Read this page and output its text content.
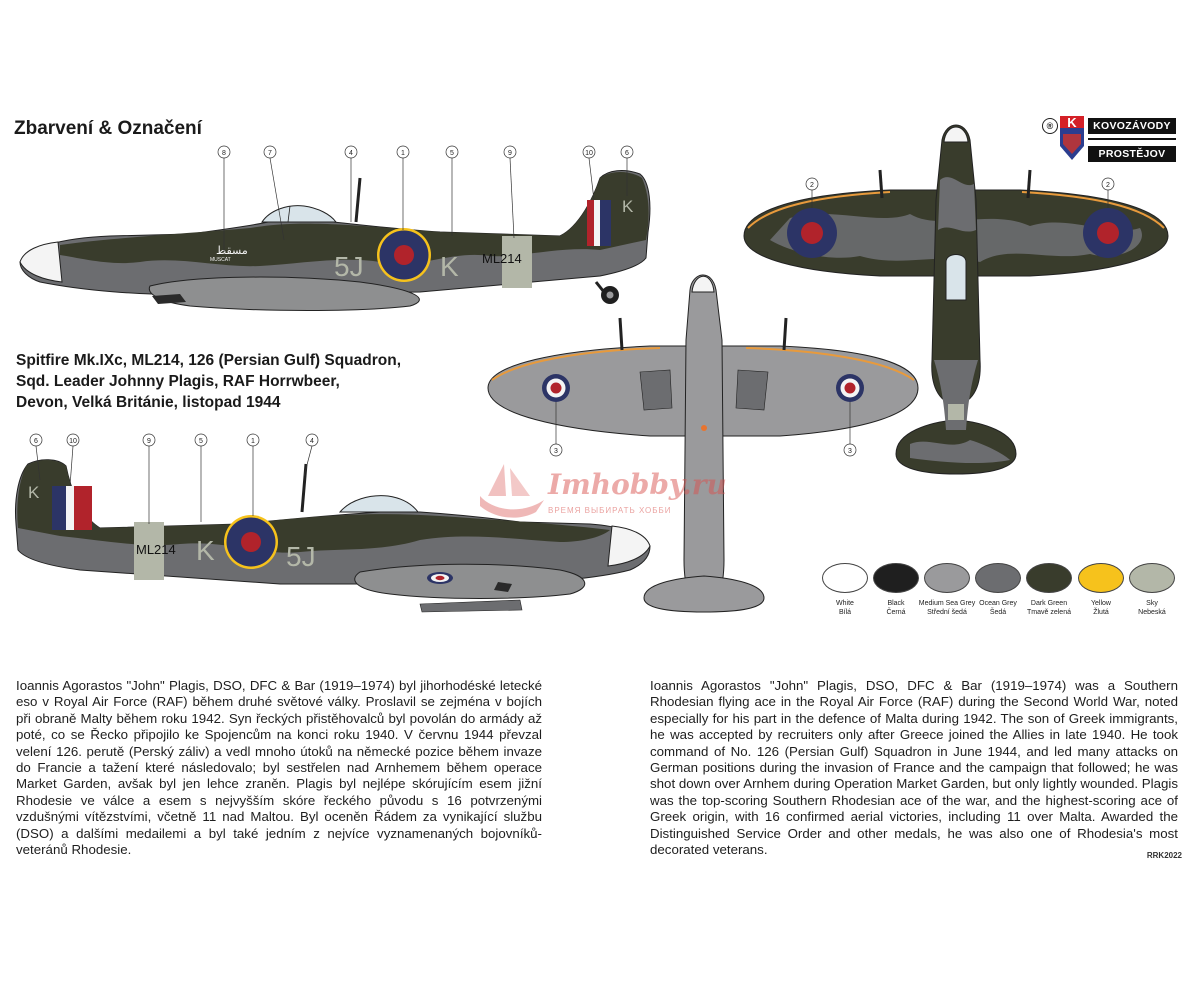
Zbarvení & Označení
Spitfire Mk.IXc, ML214, 126 (Persian Gulf) Squadron,
Sqd. Leader Johnny Plagis, RAF Horrwbeer,
Devon, Velká Británie, listopad 1944
®	K	KOVOZÁVODY
PROSTĚJOV
5J	K ML214
K
مسقط
MUSCAT
8	7	4	1	5	9	10	6
ML214 K	5J
K
6	10	9	5	1	4
2	2
3	3
Imhobby.ru
ВРЕМЯ ВЫБИРАТЬ ХОББИ
White
Bílá
Black
Černá
Medium Sea Grey
Střední šedá
Ocean Grey
Šedá
Dark Green
Tmavě zelená
Yellow
Žlutá
Sky
Nebeská
Ioannis Agorastos "John" Plagis, DSO, DFC & Bar (1919–1974) byl jihorhodéské letecké eso v Royal Air Force (RAF) během druhé světové války. Proslavil se zejména v bojích při obraně Malty během roku 1942. Syn řeckých přistěhovalců byl povolán do armády až poté, co se Řecko připojilo ke Spojencům na konci roku 1940. V červnu 1944 převzal velení 126. perutě (Perský záliv) a vedl mnoho útoků na německé pozice během invaze do Francie a tažení které následovalo; byl sestřelen nad Arnhemem během operace Market Garden, avšak byl jen lehce zraněn. Plagis byl nejlépe skórujícím esem jižní Rhodesie ve válce a esem s nejvyšším skóre řeckého původu s 16 potvrzenými vzdušnými vítězstvími, včetně 11 nad Maltou. Byl oceněn Řádem za vynikající službu (DSO) a dalšími medailemi a byl také jedním z nejvíce vyznamenaných bojovníků-veteránů Rhodesie.
Ioannis Agorastos "John" Plagis, DSO, DFC & Bar (1919–1974) was a Southern Rhodesian flying ace in the Royal Air Force (RAF) during the Second World War, noted especially for his part in the defence of Malta during 1942. The son of Greek immigrants, he was accepted by recruiters only after Greece joined the Allies in late 1940. He took command of No. 126 (Persian Gulf) Squadron in June 1944, and led many attacks on German positions during the invasion of France and the campaign that followed; he was shot down over Arnhem during Operation Market Garden, but only lightly wounded. Plagis was the top-scoring Southern Rhodesian ace of the war, and the highest-scoring ace of Greek origin, with 16 confirmed aerial victories, including 11 over Malta. Awarded the Distinguished Service Order and other medals, he was also one of Rhodesia's most decorated veterans.	RRK2022
